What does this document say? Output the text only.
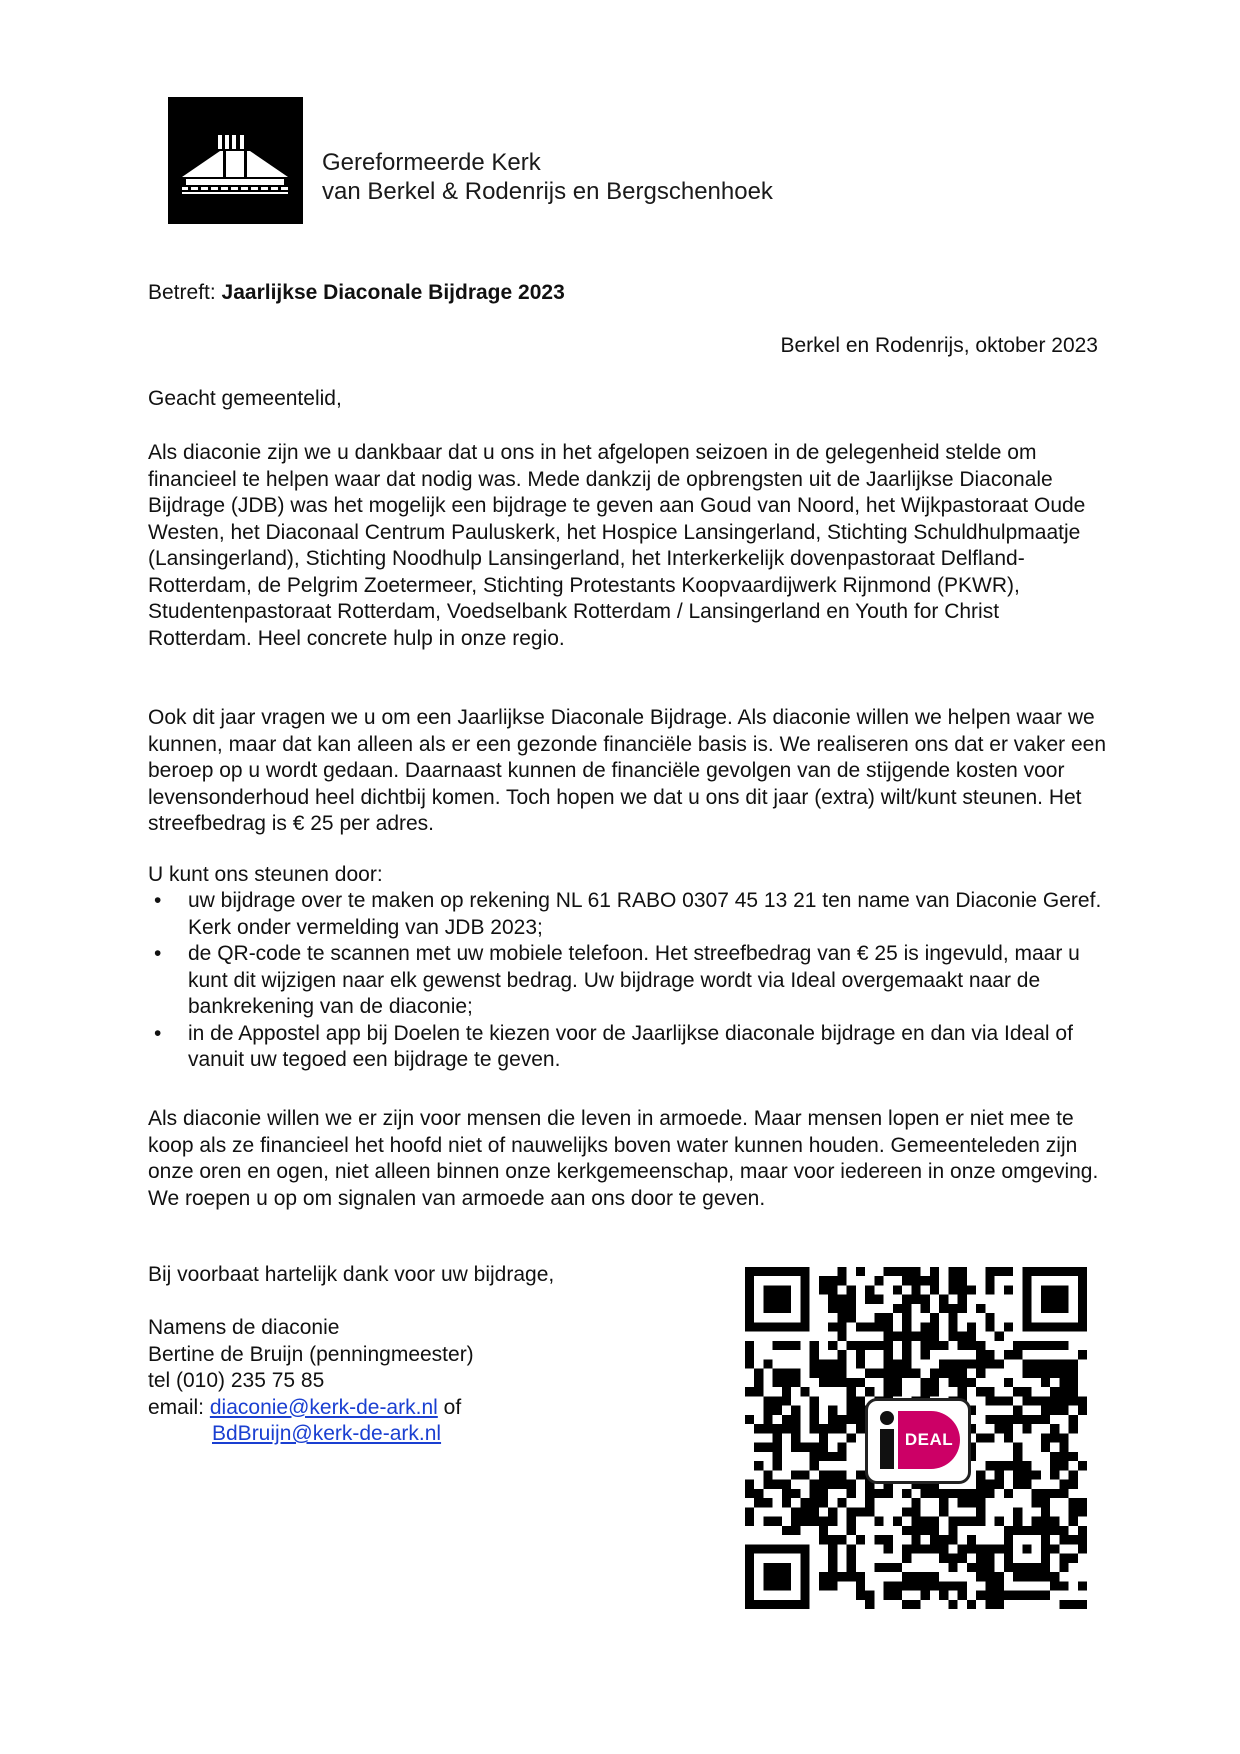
Gereformeerde Kerk
van Berkel & Rodenrijs en Bergschenhoek

Betreft: Jaarlijkse Diaconale Bijdrage 2023

Berkel en Rodenrijs, oktober 2023

Geacht gemeentelid,

Als diaconie zijn we u dankbaar dat u ons in het afgelopen seizoen in de gelegenheid stelde om financieel te helpen waar dat nodig was. Mede dankzij de opbrengsten uit de Jaarlijkse Diaconale Bijdrage (JDB) was het mogelijk een bijdrage te geven aan Goud van Noord, het Wijkpastoraat Oude Westen, het Diaconaal Centrum Pauluskerk, het Hospice Lansingerland, Stichting Schuldhulpmaatje (Lansingerland), Stichting Noodhulp Lansingerland, het Interkerkelijk dovenpastoraat Delfland-Rotterdam, de Pelgrim Zoetermeer, Stichting Protestants Koopvaardijwerk Rijnmond (PKWR), Studentenpastoraat Rotterdam, Voedselbank Rotterdam / Lansingerland en Youth for Christ Rotterdam. Heel concrete hulp in onze regio.

Ook dit jaar vragen we u om een Jaarlijkse Diaconale Bijdrage. Als diaconie willen we helpen waar we kunnen, maar dat kan alleen als er een gezonde financiële basis is. We realiseren ons dat er vaker een beroep op u wordt gedaan. Daarnaast kunnen de financiële gevolgen van de stijgende kosten voor levensonderhoud heel dichtbij komen. Toch hopen we dat u ons dit jaar (extra) wilt/kunt steunen. Het streefbedrag is € 25 per adres.

U kunt ons steunen door:

• uw bijdrage over te maken op rekening NL 61 RABO 0307 45 13 21 ten name van Diaconie Geref. Kerk onder vermelding van JDB 2023;
• de QR-code te scannen met uw mobiele telefoon. Het streefbedrag van € 25 is ingevuld, maar u kunt dit wijzigen naar elk gewenst bedrag. Uw bijdrage wordt via Ideal overgemaakt naar de bankrekening van de diaconie;
• in de Appostel app bij Doelen te kiezen voor de Jaarlijkse diaconale bijdrage en dan via Ideal of vanuit uw tegoed een bijdrage te geven.

Als diaconie willen we er zijn voor mensen die leven in armoede. Maar mensen lopen er niet mee te koop als ze financieel het hoofd niet of nauwelijks boven water kunnen houden. Gemeenteleden zijn onze oren en ogen, niet alleen binnen onze kerkgemeenschap, maar voor iedereen in onze omgeving. We roepen u op om signalen van armoede aan ons door te geven.

Bij voorbaat hartelijk dank voor uw bijdrage,

Namens de diaconie
Bertine de Bruijn (penningmeester)
tel (010) 235 75 85
email: diaconie@kerk-de-ark.nl of
BdBruijn@kerk-de-ark.nl	DEAL
